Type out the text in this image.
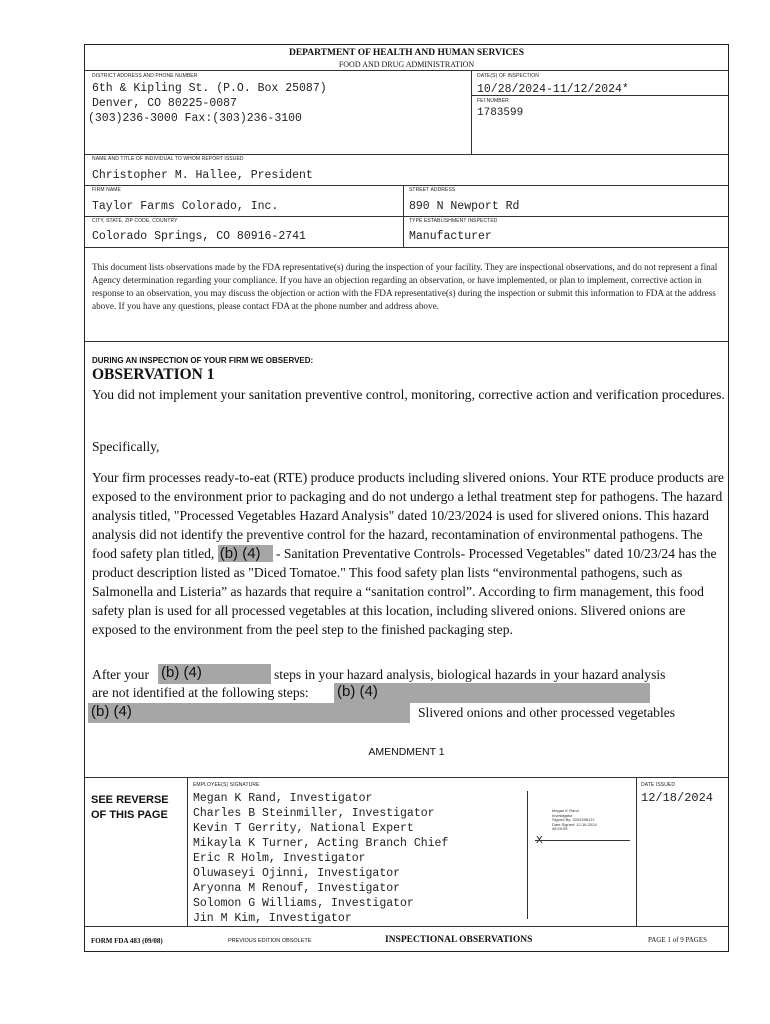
DEPARTMENT OF HEALTH AND HUMAN SERVICES
FOOD AND DRUG ADMINISTRATION
DISTRICT ADDRESS AND PHONE NUMBER
6th & Kipling St. (P.O. Box 25087)
Denver, CO 80225-0087
(303)236-3000 Fax:(303)236-3100
DATE(S) OF INSPECTION
10/28/2024-11/12/2024*
FEI NUMBER
1783599
NAME AND TITLE OF INDIVIDUAL TO WHOM REPORT ISSUED
Christopher M. Hallee, President
FIRM NAME
Taylor Farms Colorado, Inc.
STREET ADDRESS
890 N Newport Rd
CITY, STATE, ZIP CODE, COUNTRY
Colorado Springs, CO 80916-2741
TYPE ESTABLISHMENT INSPECTED
Manufacturer
This document lists observations made by the FDA representative(s) during the inspection of your facility. They are inspectional observations, and do not represent a final Agency determination regarding your compliance. If you have an objection regarding an observation, or have implemented, or plan to implement, corrective action in response to an observation, you may discuss the objection or action with the FDA representative(s) during the inspection or submit this information to FDA at the address above. If you have any questions, please contact FDA at the phone number and address above.
DURING AN INSPECTION OF YOUR FIRM WE OBSERVED:
OBSERVATION 1
You did not implement your sanitation preventive control, monitoring, corrective action and verification procedures.
Specifically,
Your firm processes ready-to-eat (RTE) produce products including slivered onions. Your RTE produce products are exposed to the environment prior to packaging and do not undergo a lethal treatment step for pathogens. The hazard analysis titled, "Processed Vegetables Hazard Analysis" dated 10/23/2024 is used for slivered onions. This hazard analysis did not identify the preventive control for the hazard, recontamination of environmental pathogens. The food safety plan titled, (b) (4) - Sanitation Preventative Controls- Processed Vegetables" dated 10/23/24 has the product description listed as "Diced Tomatoe." This food safety plan lists “environmental pathogens, such as Salmonella and Listeria” as hazards that require a “sanitation control”. According to firm management, this food safety plan is used for all processed vegetables at this location, including slivered onions. Slivered onions are exposed to the environment from the peel step to the finished packaging step.
After your (b) (4)	steps in your hazard analysis, biological hazards in your hazard analysis
are not identified at the following steps: (b) (4)
(b) (4)	Slivered onions and other processed vegetables
AMENDMENT 1
SEE REVERSE
OF THIS PAGE
EMPLOYEE(S) SIGNATURE
Megan K Rand, Investigator
Charles B Steinmiller, Investigator
Kevin T Gerrity, National Expert
Mikayla K Turner, Acting Branch Chief
Eric R Holm, Investigator
Oluwaseyi Ojinni, Investigator
Aryonna M Renouf, Investigator
Solomon G Williams, Investigator
Jin M Kim, Investigator
X
Megan K Rand
Investigator
Signed By: 2003398137
Date Signed: 12-18-2024
08:29:55
DATE ISSUED
12/18/2024
FORM FDA 483 (09/08)	PREVIOUS EDITION OBSOLETE	INSPECTIONAL OBSERVATIONS	PAGE 1 of 9 PAGES
